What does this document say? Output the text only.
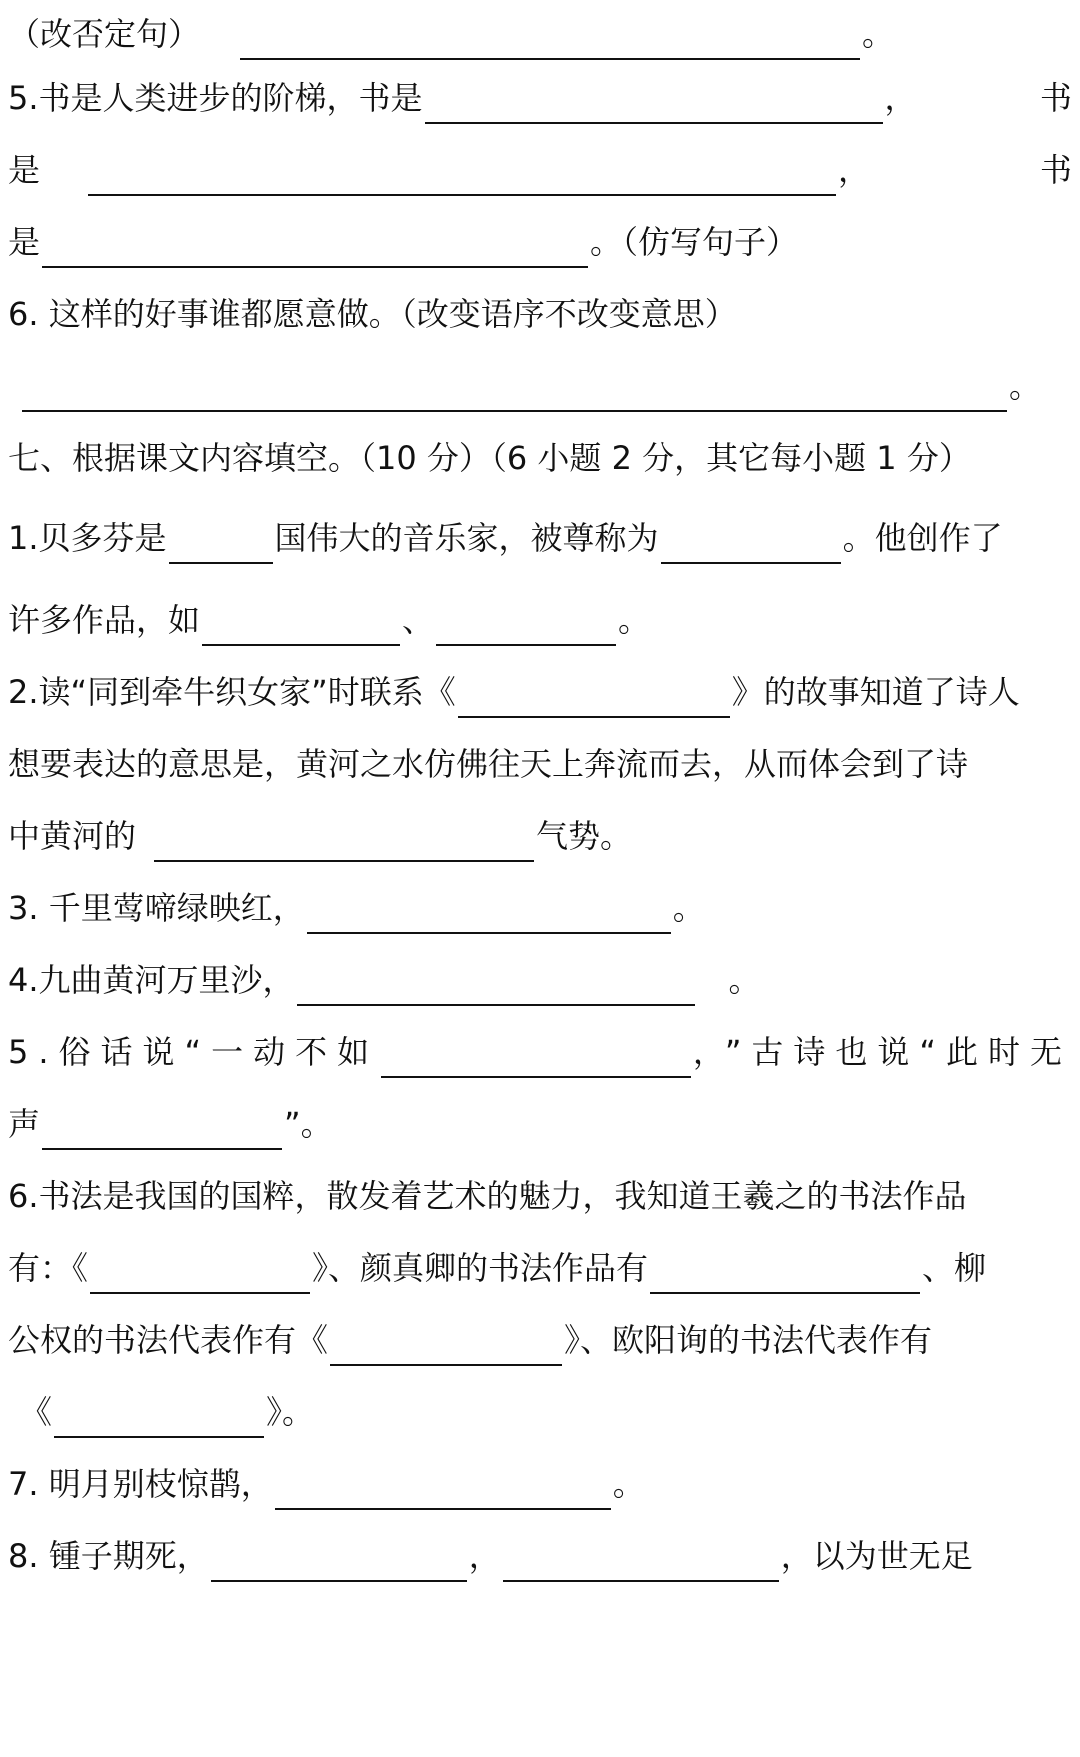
（改否定句）	。
5.书是人类进步的阶梯，书是	，	书
是	，	书
是	。（仿写句子）
6. 这样的好事谁都愿意做。（改变语序不改变意思）
。
七、根据课文内容填空。（10 分）（6 小题 2 分，其它每小题 1 分）
1.贝多芬是	国伟大的音乐家，被尊称为	。他创作了
许多作品，如	、	。
2.读“同到牵牛织女家”时联系《	》的故事知道了诗人
想要表达的意思是，黄河之水仿佛往天上奔流而去，从而体会到了诗
中黄河的	气势。
3. 千里莺啼绿映红，	。
4.九曲黄河万里沙，	。
5.俗话说“一动不如	， ”古诗也说“此时无
声	”。
6.书法是我国的国粹，散发着艺术的魅力，我知道王羲之的书法作品
有：《	》、颜真卿的书法作品有	、柳
公权的书法代表作有《	》、欧阳询的书法代表作有
《	》。
7. 明月别枝惊鹊，	。
8. 锺子期死，	，	，以为世无足
